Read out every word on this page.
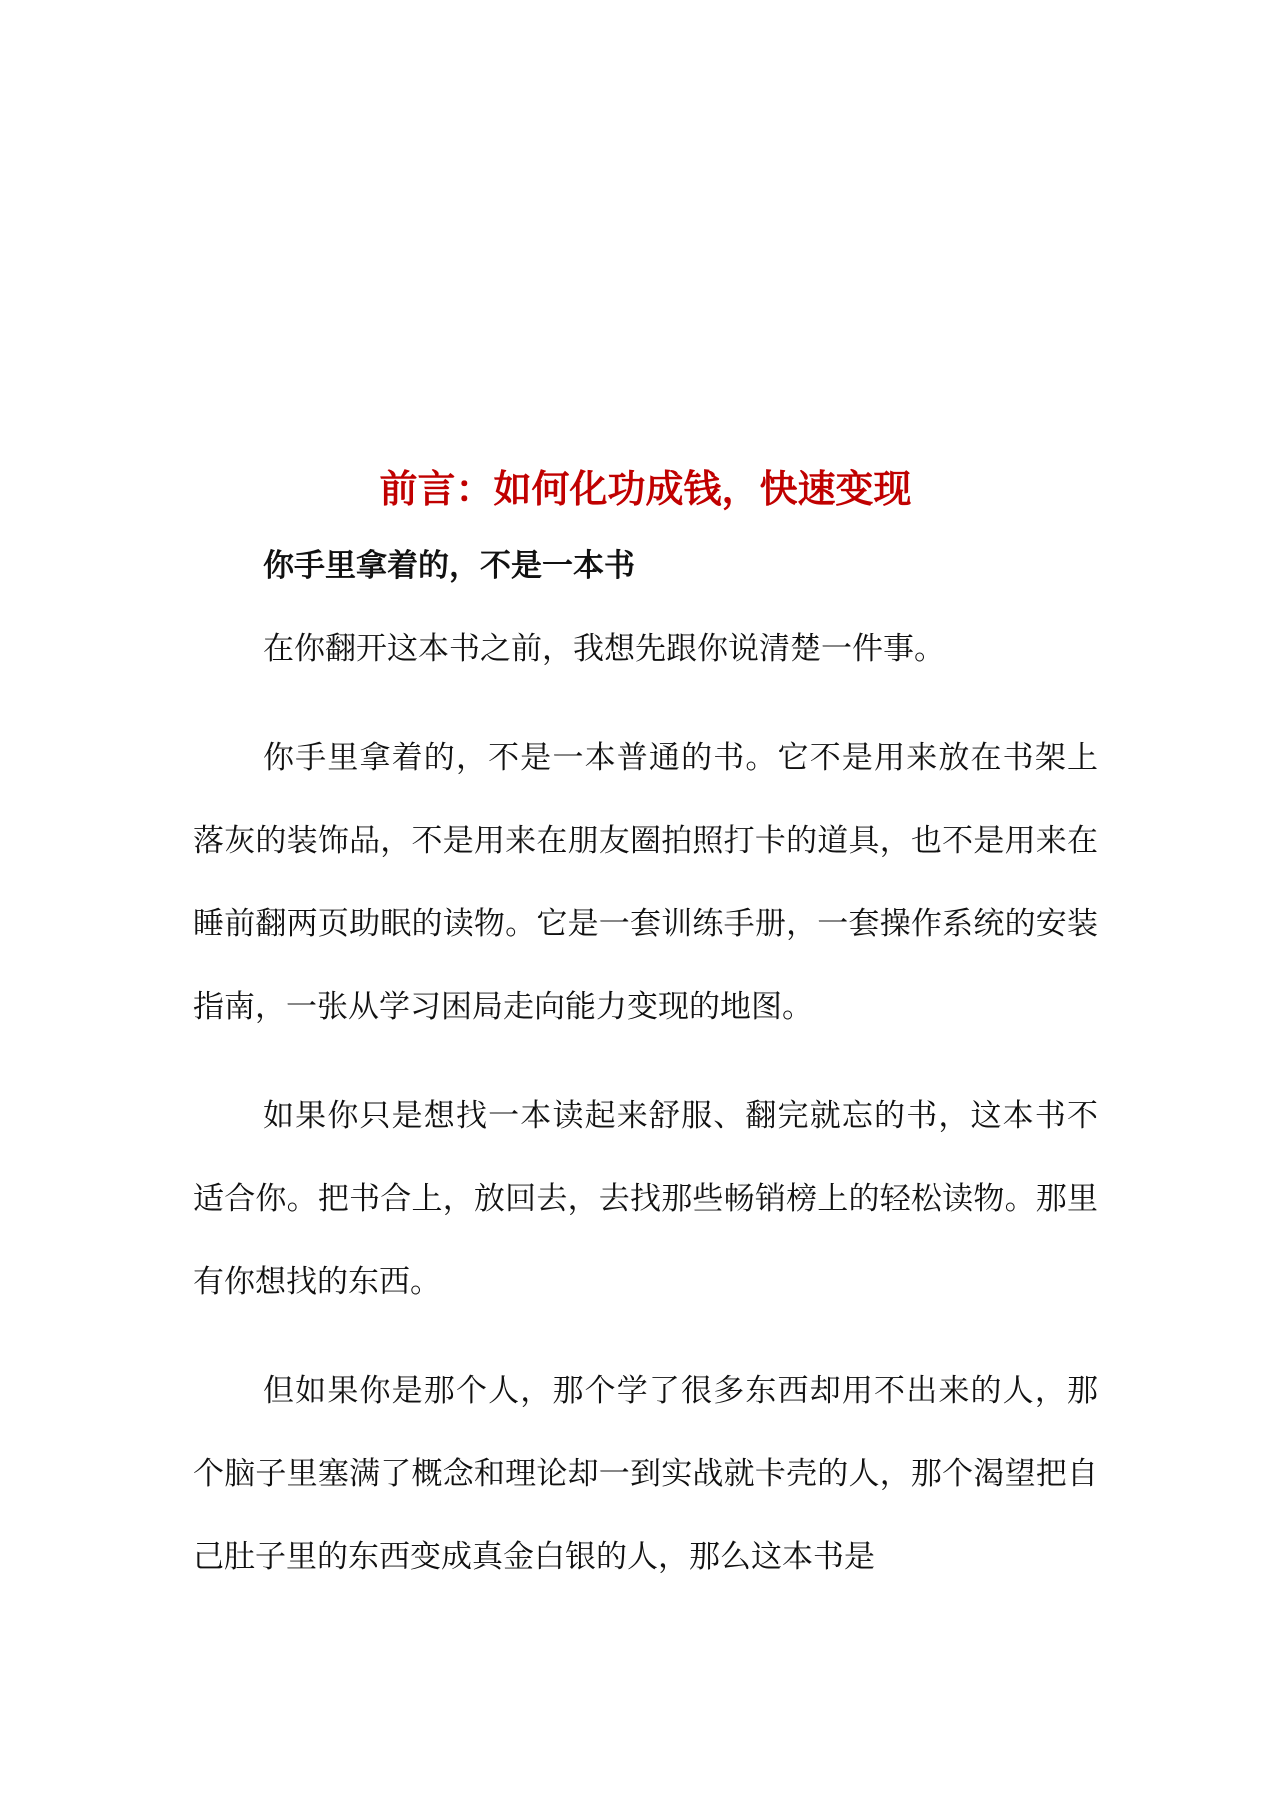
前言：如何化功成钱，快速变现
你手里拿着的，不是一本书

在你翻开这本书之前，我想先跟你说清楚一件事。

你手里拿着的，不是一本普通的书。它不是用来放在书架上落灰的装饰品，不是用来在朋友圈拍照打卡的道具，也不是用来在睡前翻两页助眠的读物。它是一套训练手册，一套操作系统的安装指南，一张从学习困局走向能力变现的地图。

如果你只是想找一本读起来舒服、翻完就忘的书，这本书不适合你。把书合上，放回去，去找那些畅销榜上的轻松读物。那里有你想找的东西。

但如果你是那个人，那个学了很多东西却用不出来的人，那个脑子里塞满了概念和理论却一到实战就卡壳的人，那个渴望把自己肚子里的东西变成真金白银的人，那么这本书是
